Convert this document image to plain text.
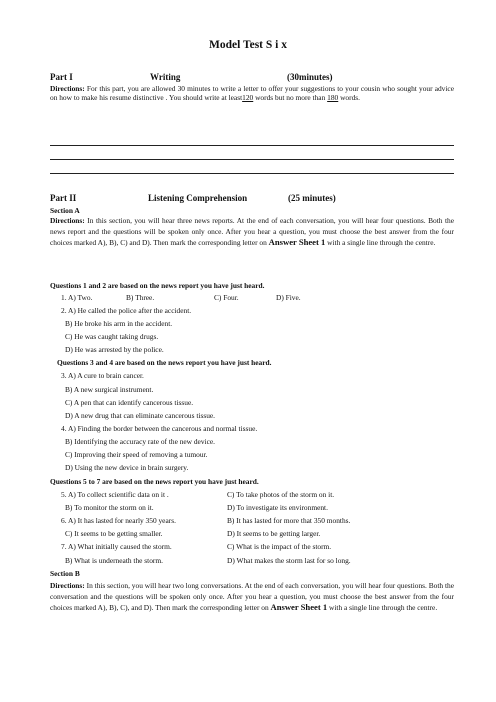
Model Test S i x
Part I	Writing	(30minutes)
Directions: For this part, you are allowed 30 minutes to write a letter to offer your suggestions to your cousin who sought your advice on how to make his resume distinctive . You should write at least120 words but no more than 180 words.
Part II	Listening Comprehension	(25 minutes)
Section A
Directions: In this section, you will hear three news reports. At the end of each conversation, you will hear four questions. Both the news report and the questions will be spoken only once. After you hear a question, you must choose the best answer from the four choices marked A), B), C) and D). Then mark the corresponding letter on Answer Sheet 1 with a single line through the centre.
Questions 1 and 2 are based on the news report you have just heard.
1. A) Two.	B) Three.	C) Four.	D) Five.
2. A) He called the police after the accident.
B) He broke his arm in the accident.
C) He was caught taking drugs.
D) He was arrested by the police.
Questions 3 and 4 are based on the news report you have just heard.
3. A) A cure to brain cancer.
B) A new surgical instrument.
C) A pen that can identify cancerous tissue.
D) A new drug that can eliminate cancerous tissue.
4. A) Finding the border between the cancerous and normal tissue.
B) Identifying the accuracy rate of the new device.
C) Improving their speed of removing a tumour.
D) Using the new device in brain surgery.
Questions 5 to 7 are based on the news report you have just heard.
5. A) To collect scientific data on it .	C) To take photos of the storm on it.
B) To monitor the storm on it.	D) To investigate its environment.
6. A) It has lasted for nearly 350 years.	B) It has lasted for more that 350 months.
C) It seems to be getting smaller.	D) It seems to be getting larger.
7. A) What initially caused the storm.	C) What is the impact of the storm.
B) What is underneath the storm.	D) What makes the storm last for so long.
Section B
Directions: In this section, you will hear two long conversations. At the end of each conversation, you will hear four questions. Both the conversation and the questions will be spoken only once. After you hear a question, you must choose the best answer from the four choices marked A), B), C), and D). Then mark the corresponding letter on Answer Sheet 1 with a single line through the centre.
